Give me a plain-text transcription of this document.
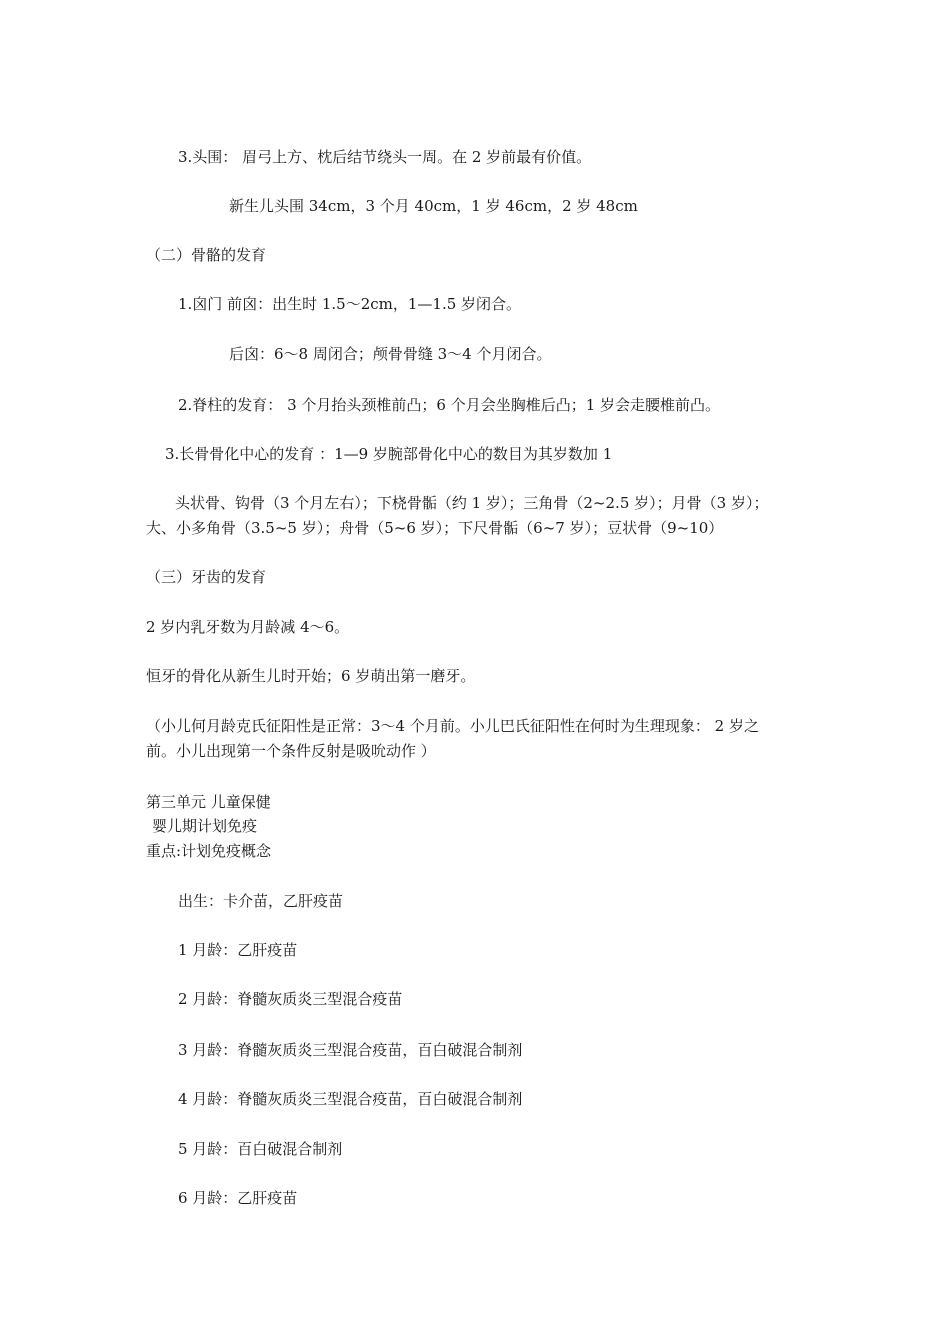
3.头围： 眉弓上方、枕后结节绕头一周。在 2 岁前最有价值。
新生儿头围 34cm，3 个月 40cm，1 岁 46cm，2 岁 48cm
（二）骨骼的发育
1.囟门 前囟：出生时 1.5～2cm，1—1.5 岁闭合。
后囟：6～8 周闭合；颅骨骨缝 3～4 个月闭合。
2.脊柱的发育： 3 个月抬头颈椎前凸；6 个月会坐胸椎后凸；1 岁会走腰椎前凸。
3.长骨骨化中心的发育 ：1—9 岁腕部骨化中心的数目为其岁数加 1
头状骨、钩骨（3 个月左右）；下桡骨骺（约 1 岁）；三角骨（2~2.5 岁）；月骨（3 岁）；
大、小多角骨（3.5~5 岁）；舟骨（5~6 岁）；下尺骨骺（6~7 岁）；豆状骨（9~10）
（三）牙齿的发育
2 岁内乳牙数为月龄减 4～6。
恒牙的骨化从新生儿时开始；6 岁萌出第一磨牙。
（小儿何月龄克氏征阳性是正常：3～4 个月前。小儿巴氏征阳性在何时为生理现象： 2 岁之
前。小儿出现第一个条件反射是吸吮动作 ）
第三单元 儿童保健
婴儿期计划免疫
重点:计划免疫概念
出生：卡介苗，乙肝疫苗
1 月龄：乙肝疫苗
2 月龄：脊髓灰质炎三型混合疫苗
3 月龄：脊髓灰质炎三型混合疫苗，百白破混合制剂
4 月龄：脊髓灰质炎三型混合疫苗，百白破混合制剂
5 月龄：百白破混合制剂
6 月龄：乙肝疫苗
